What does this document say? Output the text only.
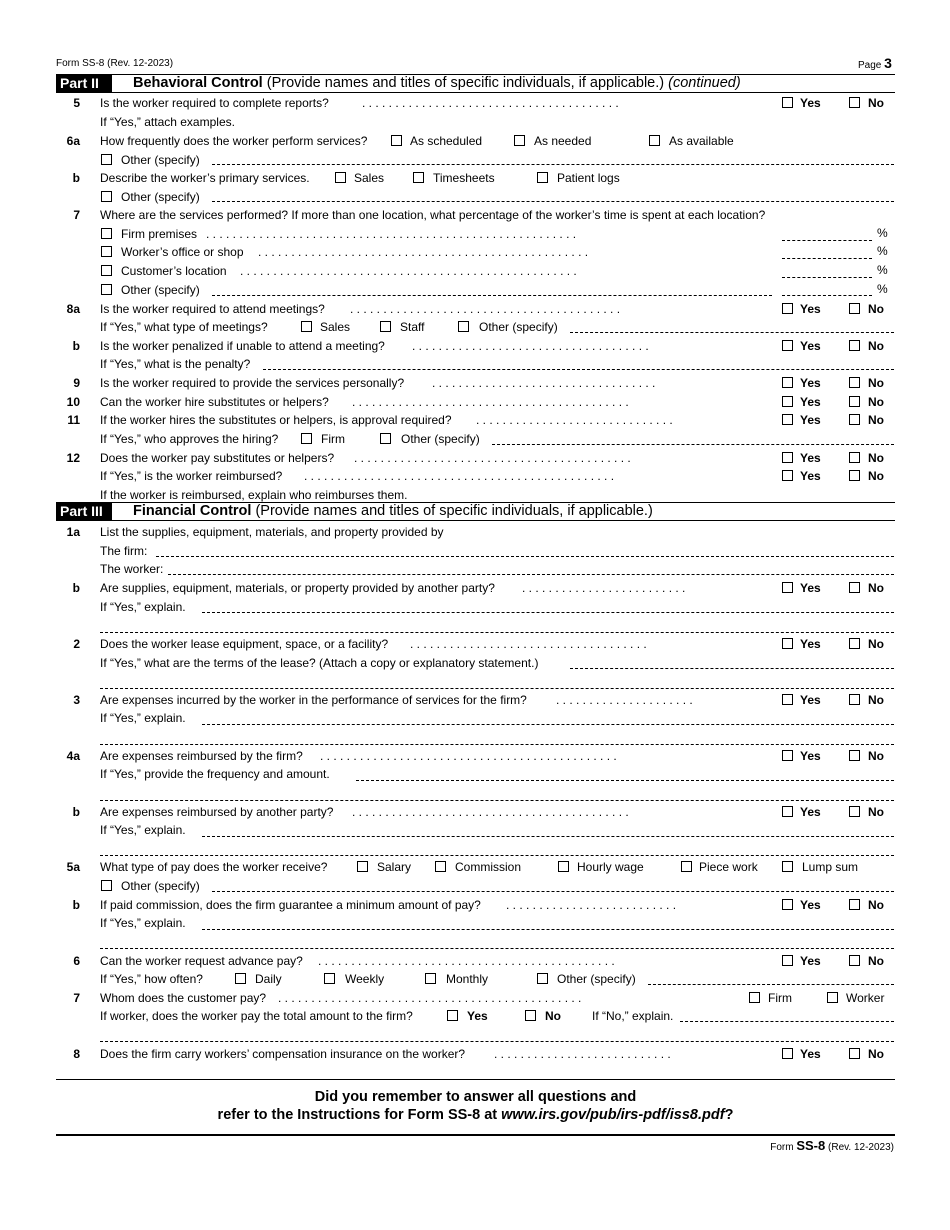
Form SS-8 (Rev. 12-2023)	Page 3
Part II	Behavioral Control (Provide names and titles of specific individuals, if applicable.) (continued)
5 Is the worker required to complete reports?	. . . . . . . . . . . . . . . . . . . . . . . . . . . . . . . . . . . . . . .	Yes	No
If “Yes,” attach examples.
6a How frequently does the worker perform services?	As scheduled	As needed	As available
Other (specify)
b Describe the worker’s primary services.	Sales	Timesheets	Patient logs
Other (specify)
7 Where are the services performed? If more than one location, what percentage of the worker’s time is spent at each location?
Firm premises . . . . . . . . . . . . . . . . . . . . . . . . . . . . . . . . . . . . . . . . . . . . . . . . . . . . . . . .	%
Worker’s office or shop . . . . . . . . . . . . . . . . . . . . . . . . . . . . . . . . . . . . . . . . . . . . . . . . . .	%
Customer’s location . . . . . . . . . . . . . . . . . . . . . . . . . . . . . . . . . . . . . . . . . . . . . . . . . . .	%
Other (specify)	%
8a Is the worker required to attend meetings? . . . . . . . . . . . . . . . . . . . . . . . . . . . . . . . . . . . . . . . . .	Yes	No
If “Yes,” what type of meetings?	Sales	Staff	Other (specify)
b Is the worker penalized if unable to attend a meeting? . . . . . . . . . . . . . . . . . . . . . . . . . . . . . . . . . . . .	Yes	No
If “Yes,” what is the penalty?
9 Is the worker required to provide the services personally? . . . . . . . . . . . . . . . . . . . . . . . . . . . . . . . . . .	Yes	No
10 Can the worker hire substitutes or helpers? . . . . . . . . . . . . . . . . . . . . . . . . . . . . . . . . . . . . . . . . . .	Yes	No
11 If the worker hires the substitutes or helpers, is approval required? . . . . . . . . . . . . . . . . . . . . . . . . . . . . . .	Yes	No
If “Yes,” who approves the hiring?	Firm	Other (specify)
12 Does the worker pay substitutes or helpers? . . . . . . . . . . . . . . . . . . . . . . . . . . . . . . . . . . . . . . . . . .	Yes	No
If “Yes,” is the worker reimbursed? . . . . . . . . . . . . . . . . . . . . . . . . . . . . . . . . . . . . . . . . . . . . . . .	Yes	No
If the worker is reimbursed, explain who reimburses them.
Part III	Financial Control (Provide names and titles of specific individuals, if applicable.)
1a List the supplies, equipment, materials, and property provided by
The firm:
The worker:
b Are supplies, equipment, materials, or property provided by another party? . . . . . . . . . . . . . . . . . . . . . . . . .	Yes	No
If “Yes,” explain.
2 Does the worker lease equipment, space, or a facility? . . . . . . . . . . . . . . . . . . . . . . . . . . . . . . . . . . . .	Yes	No
If “Yes,” what are the terms of the lease? (Attach a copy or explanatory statement.)
3 Are expenses incurred by the worker in the performance of services for the firm? . . . . . . . . . . . . . . . . . . . . .	Yes	No
If “Yes,” explain.
4a Are expenses reimbursed by the firm? . . . . . . . . . . . . . . . . . . . . . . . . . . . . . . . . . . . . . . . . . . . . .	Yes	No
If “Yes,” provide the frequency and amount.
b Are expenses reimbursed by another party? . . . . . . . . . . . . . . . . . . . . . . . . . . . . . . . . . . . . . . . . . .	Yes	No
If “Yes,” explain.
5a What type of pay does the worker receive?	Salary	Commission	Hourly wage	Piece work	Lump sum
Other (specify)
b If paid commission, does the firm guarantee a minimum amount of pay? . . . . . . . . . . . . . . . . . . . . . . . . . .	Yes	No
If “Yes,” explain.
6 Can the worker request advance pay? . . . . . . . . . . . . . . . . . . . . . . . . . . . . . . . . . . . . . . . . . . . . .	Yes	No
If “Yes,” how often?	Daily	Weekly	Monthly	Other (specify)
7 Whom does the customer pay? . . . . . . . . . . . . . . . . . . . . . . . . . . . . . . . . . . . . . . . . . . . . . .	Firm	Worker
If worker, does the worker pay the total amount to the firm?	Yes	No	If “No,” explain.
8 Does the firm carry workers’ compensation insurance on the worker? . . . . . . . . . . . . . . . . . . . . . . . . . . .	Yes	No
Did you remember to answer all questions and
refer to the Instructions for Form SS-8 at www.irs.gov/pub/irs-pdf/iss8.pdf?
Form SS-8 (Rev. 12-2023)
